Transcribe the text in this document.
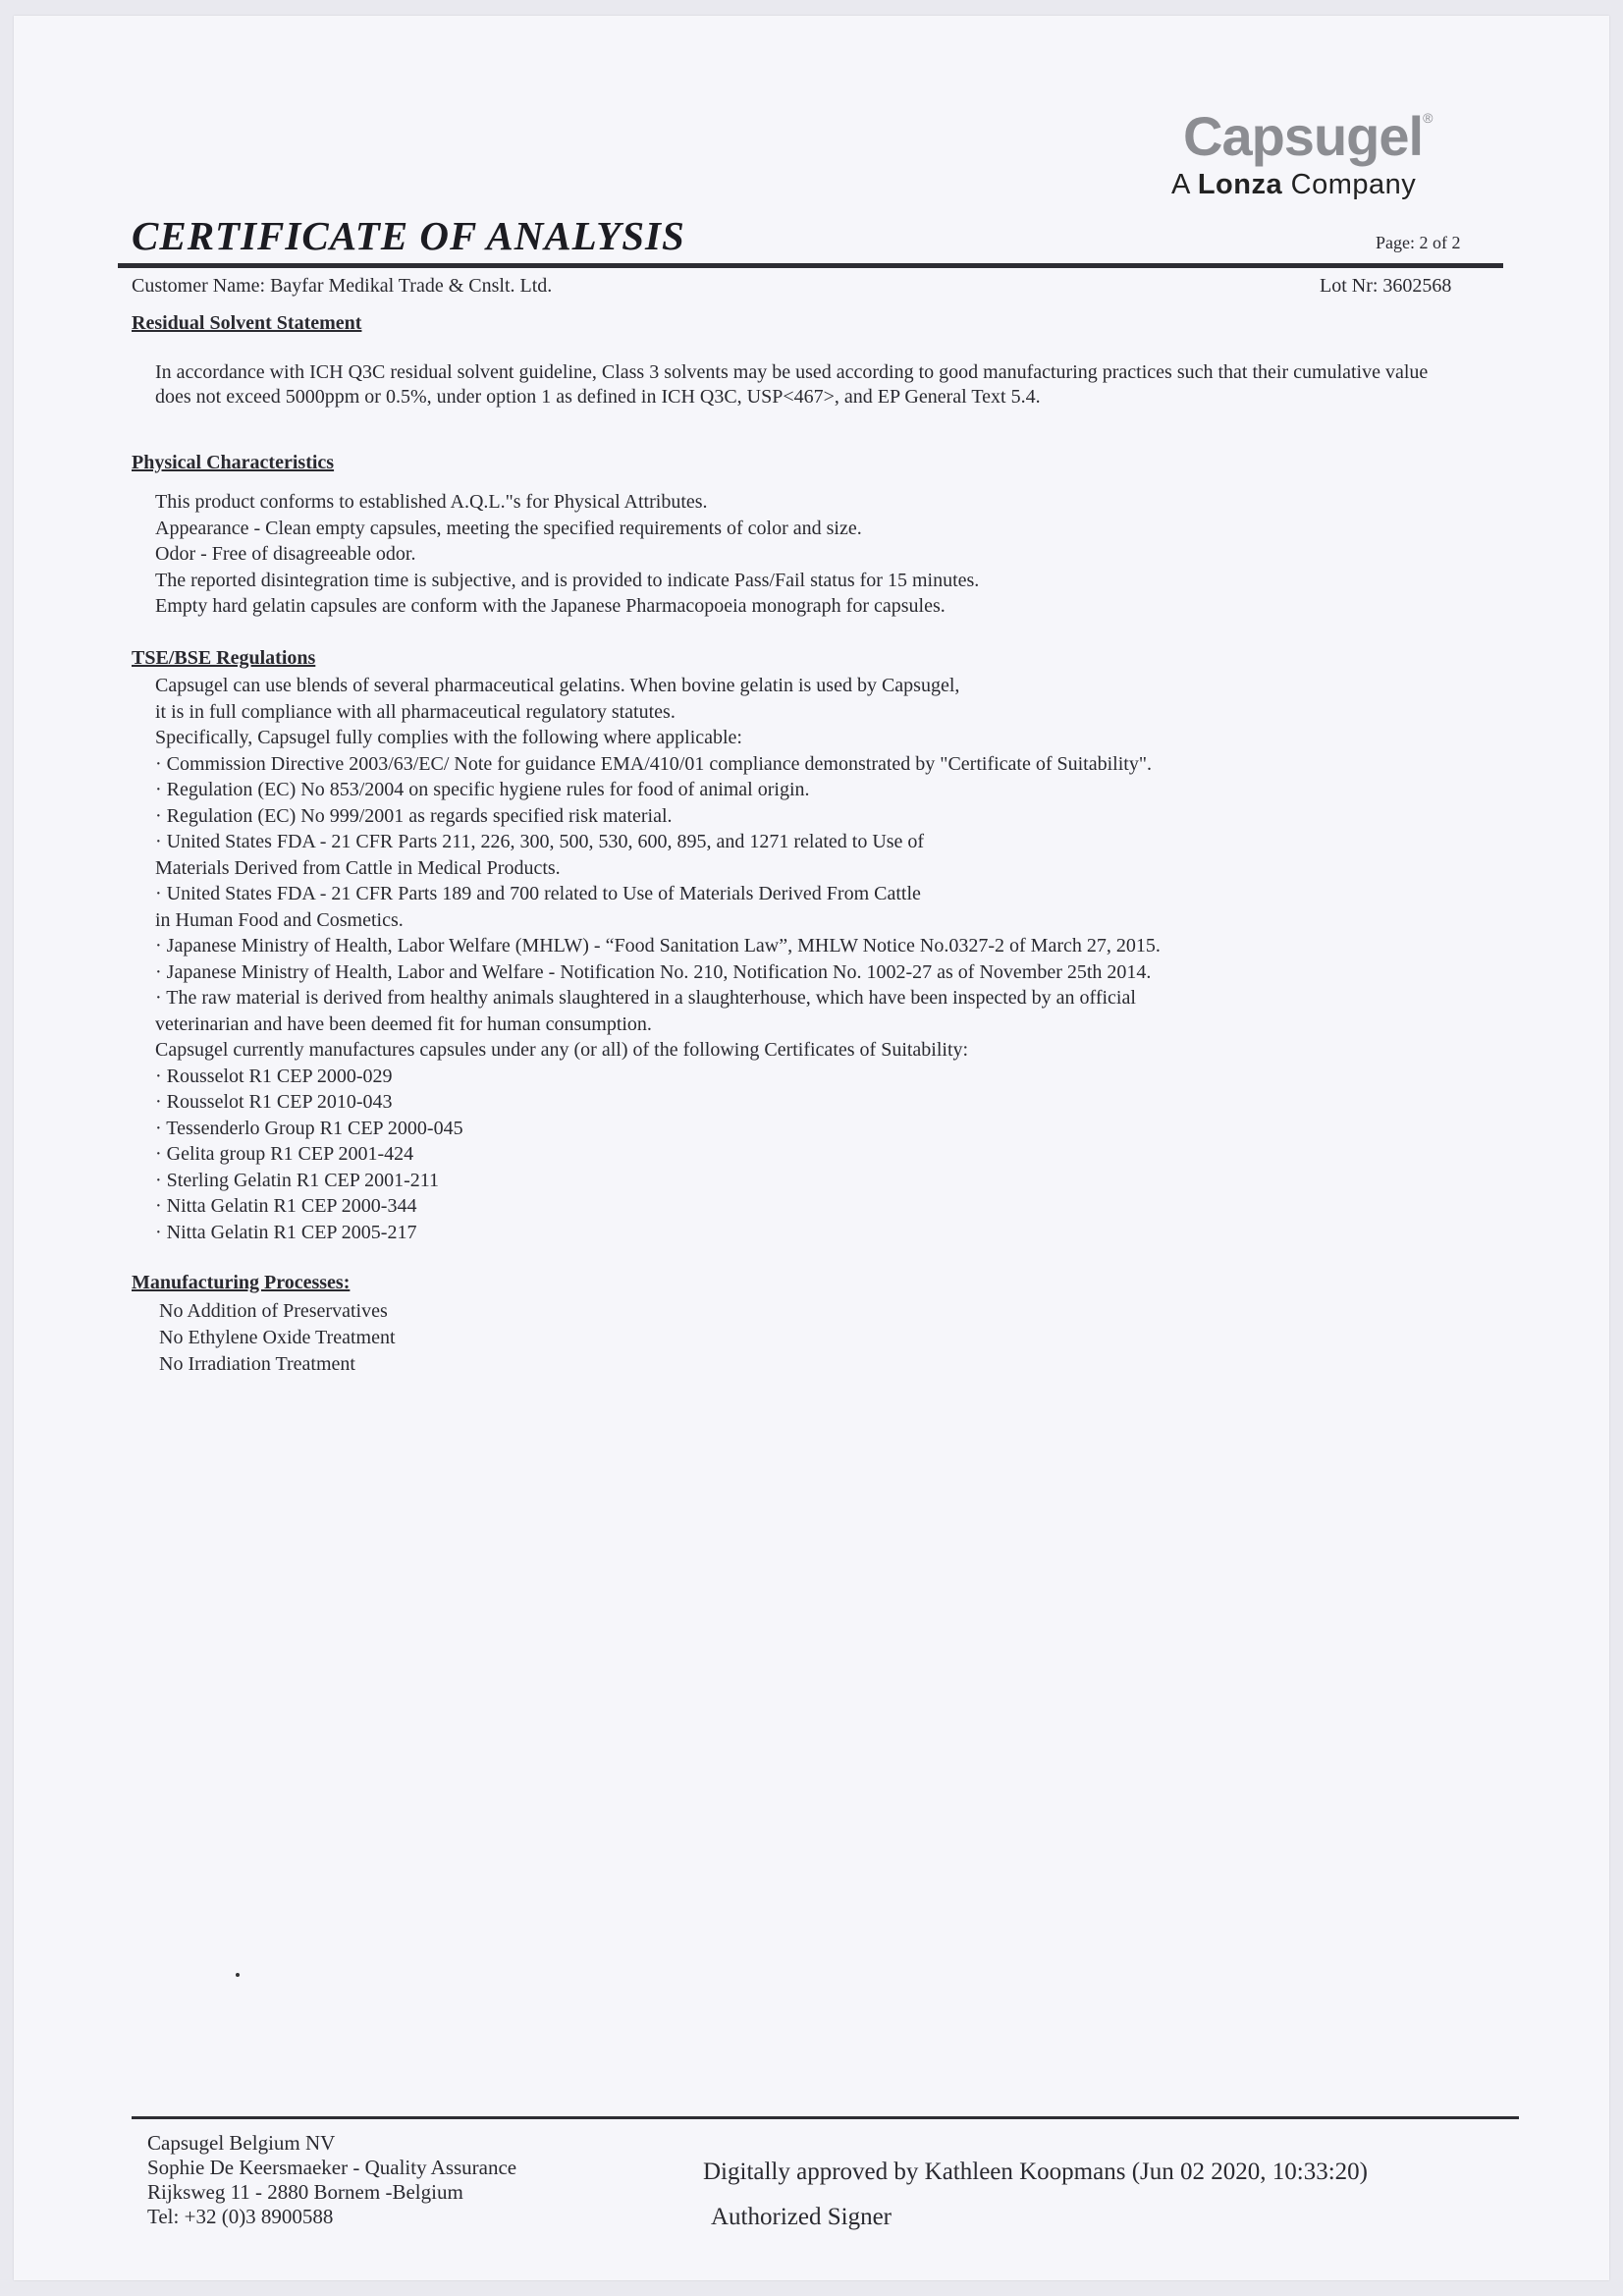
Capsugel®
A Lonza Company
CERTIFICATE OF ANALYSIS	Page: 2 of 2
Customer Name: Bayfar Medikal Trade & Cnslt. Ltd.	Lot Nr: 3602568
Residual Solvent Statement
In accordance with ICH Q3C residual solvent guideline, Class 3 solvents may be used according to good manufacturing practices such that their cumulative value does not exceed 5000ppm or 0.5%, under option 1 as defined in ICH Q3C, USP<467>, and EP General Text 5.4.
Physical Characteristics
This product conforms to established A.Q.L."s for Physical Attributes.
Appearance - Clean empty capsules, meeting the specified requirements of color and size.
Odor - Free of disagreeable odor.
The reported disintegration time is subjective, and is provided to indicate Pass/Fail status for 15 minutes.
Empty hard gelatin capsules are conform with the Japanese Pharmacopoeia monograph for capsules.
TSE/BSE Regulations
Capsugel can use blends of several pharmaceutical gelatins. When bovine gelatin is used by Capsugel,
it is in full compliance with all pharmaceutical regulatory statutes.
Specifically, Capsugel fully complies with the following where applicable:
· Commission Directive 2003/63/EC/ Note for guidance EMA/410/01 compliance demonstrated by "Certificate of Suitability".
· Regulation (EC) No 853/2004 on specific hygiene rules for food of animal origin.
· Regulation (EC) No 999/2001 as regards specified risk material.
· United States FDA - 21 CFR Parts 211, 226, 300, 500, 530, 600, 895, and 1271 related to Use of
Materials Derived from Cattle in Medical Products.
· United States FDA - 21 CFR Parts 189 and 700 related to Use of Materials Derived From Cattle
in Human Food and Cosmetics.
· Japanese Ministry of Health, Labor Welfare (MHLW) - “Food Sanitation Law”, MHLW Notice No.0327-2 of March 27, 2015.
· Japanese Ministry of Health, Labor and Welfare - Notification No. 210, Notification No. 1002-27 as of November 25th 2014.
· The raw material is derived from healthy animals slaughtered in a slaughterhouse, which have been inspected by an official
veterinarian and have been deemed fit for human consumption.
Capsugel currently manufactures capsules under any (or all) of the following Certificates of Suitability:
· Rousselot R1 CEP 2000-029
· Rousselot R1 CEP 2010-043
· Tessenderlo Group R1 CEP 2000-045
· Gelita group R1 CEP 2001-424
· Sterling Gelatin R1 CEP 2001-211
· Nitta Gelatin R1 CEP 2000-344
· Nitta Gelatin R1 CEP 2005-217
Manufacturing Processes:
No Addition of Preservatives
No Ethylene Oxide Treatment
No Irradiation Treatment
Capsugel Belgium NV
Sophie De Keersmaeker - Quality Assurance
Rijksweg 11 - 2880 Bornem -Belgium
Tel: +32 (0)3 8900588
Digitally approved by Kathleen Koopmans (Jun 02 2020, 10:33:20)
Authorized Signer
